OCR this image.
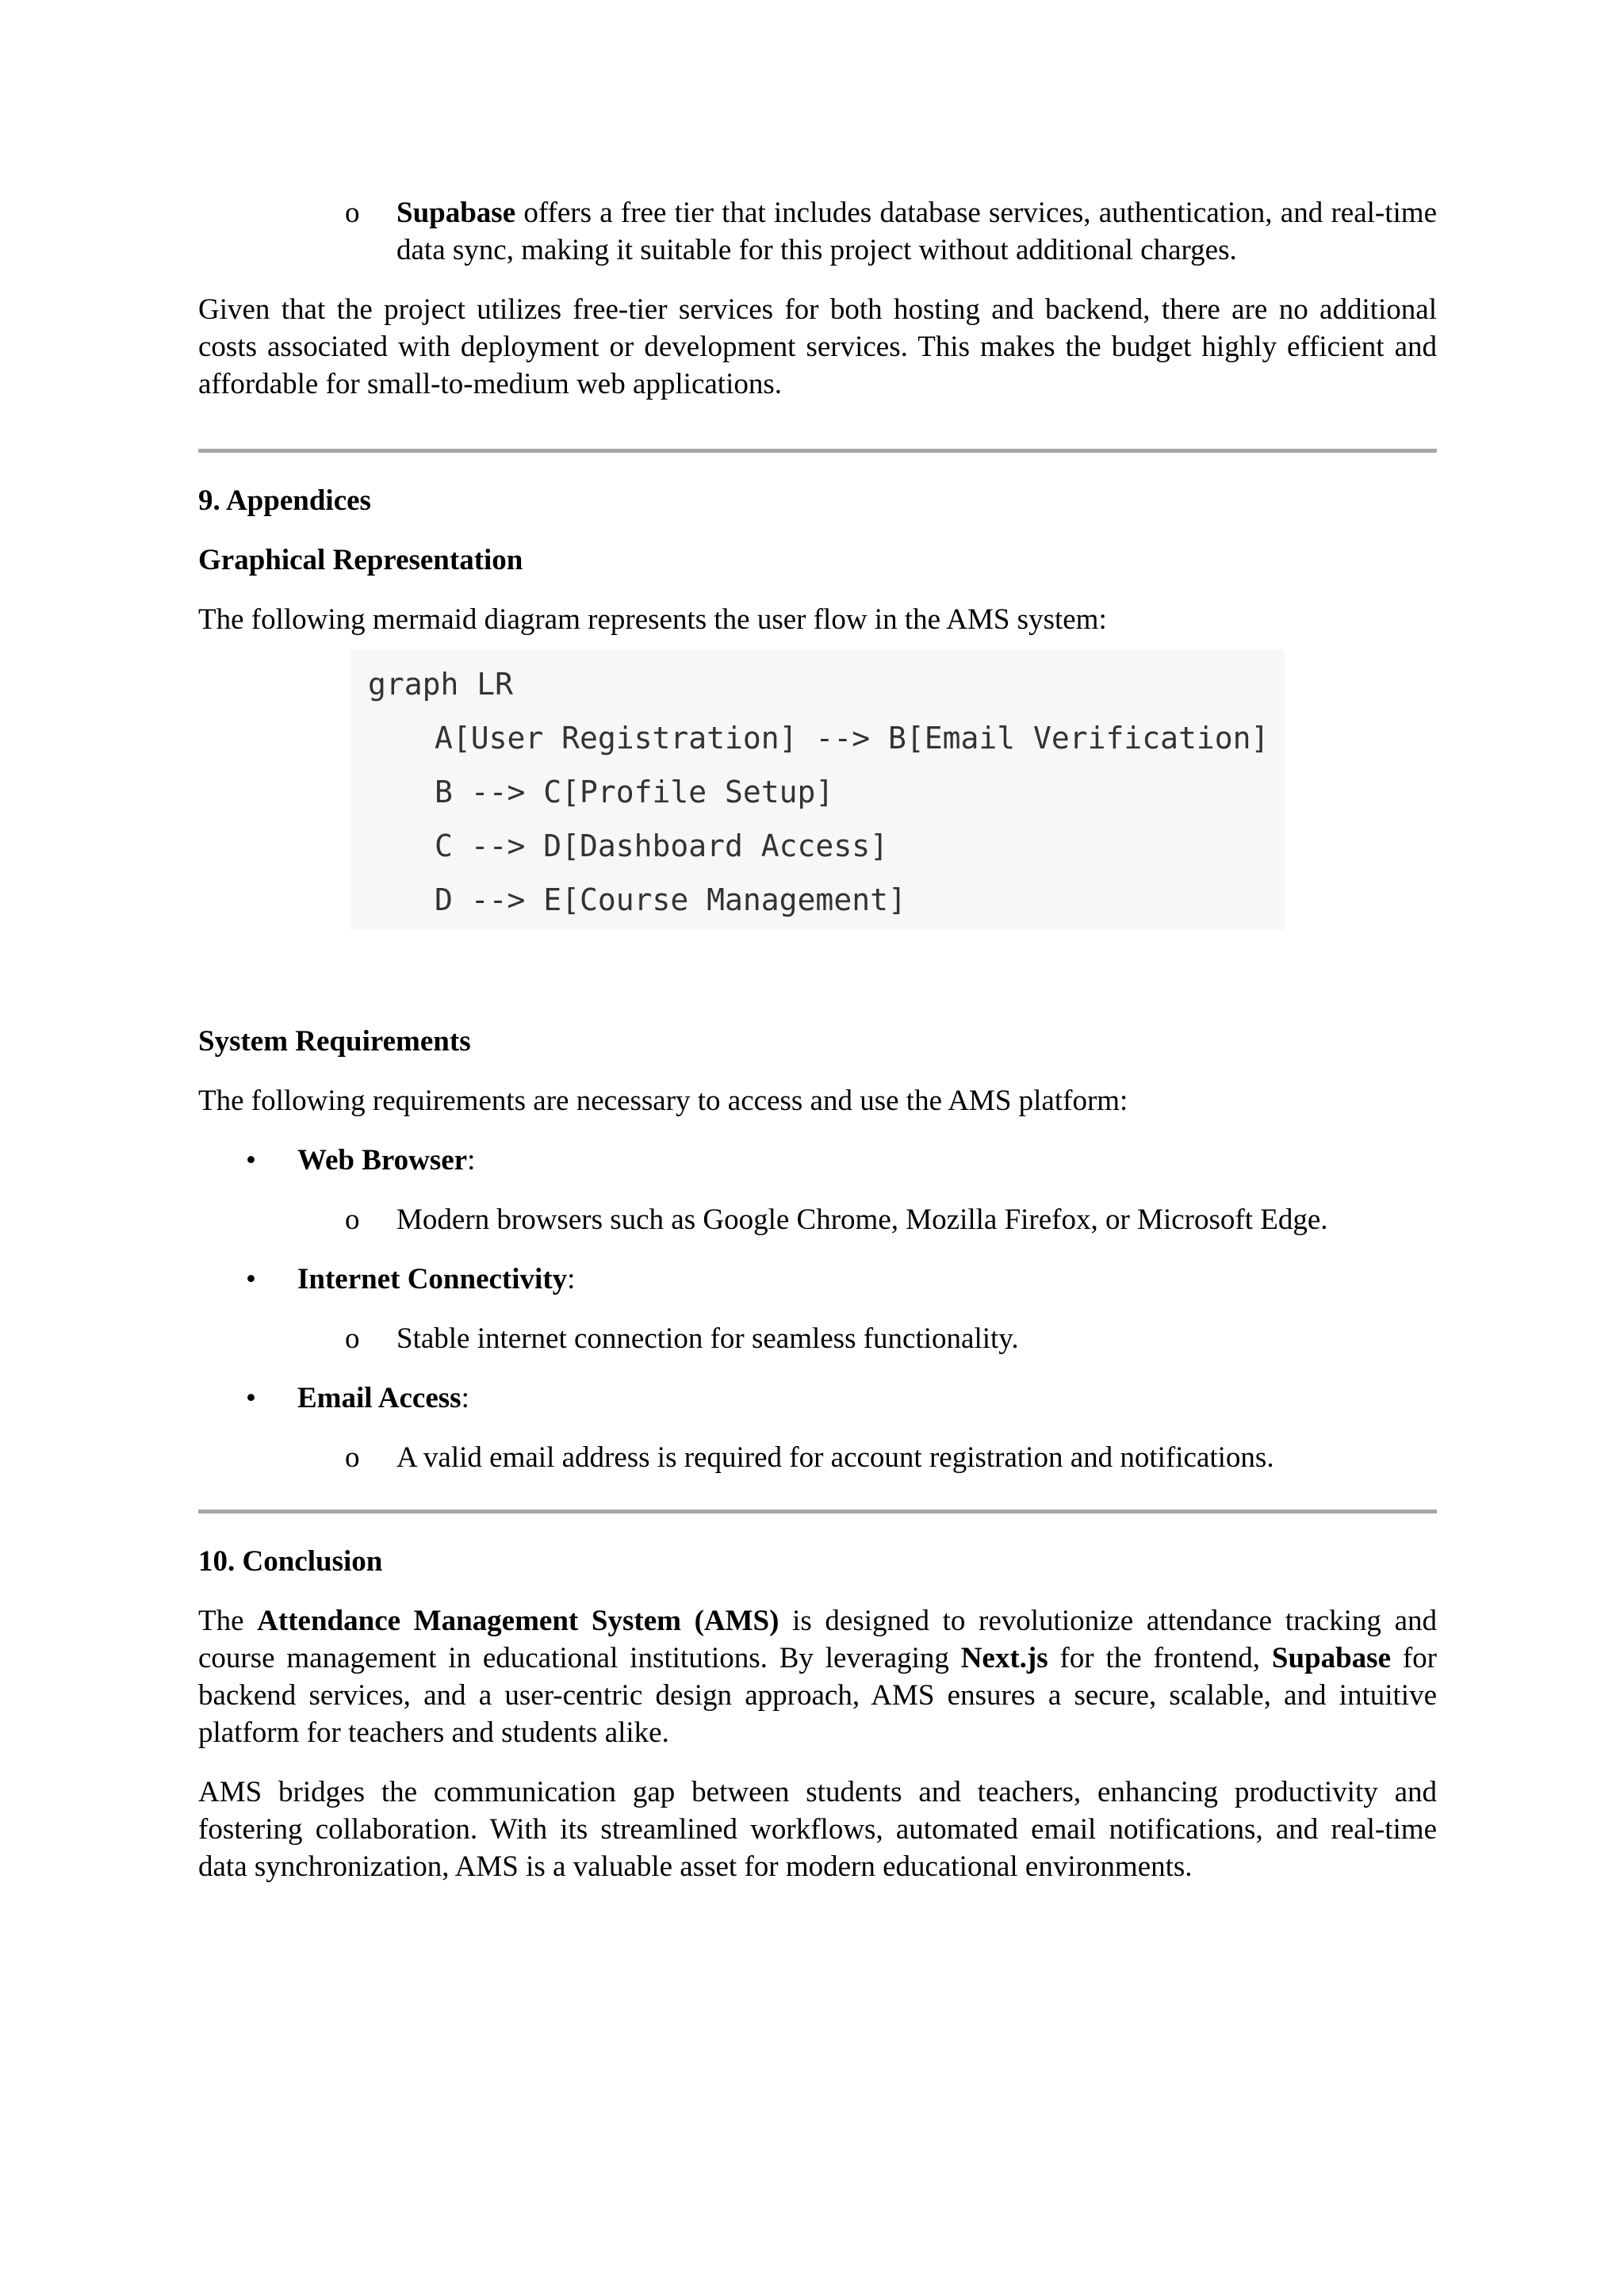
o Supabase offers a free tier that includes database services, authentication, and real-time data sync, making it suitable for this project without additional charges.

Given that the project utilizes free-tier services for both hosting and backend, there are no additional costs associated with deployment or development services. This makes the budget highly efficient and affordable for small-to-medium web applications.

9. Appendices

Graphical Representation

The following mermaid diagram represents the user flow in the AMS system:

graph LR
A[User Registration] --> B[Email Verification]
B --> C[Profile Setup]
C --> D[Dashboard Access]
D --> E[Course Management]

System Requirements

The following requirements are necessary to access and use the AMS platform:

• Web Browser:

o Modern browsers such as Google Chrome, Mozilla Firefox, or Microsoft Edge.

• Internet Connectivity:

o Stable internet connection for seamless functionality.

• Email Access:

o A valid email address is required for account registration and notifications.

10. Conclusion

The Attendance Management System (AMS) is designed to revolutionize attendance tracking and course management in educational institutions. By leveraging Next.js for the frontend, Supabase for backend services, and a user-centric design approach, AMS ensures a secure, scalable, and intuitive platform for teachers and students alike.

AMS bridges the communication gap between students and teachers, enhancing productivity and fostering collaboration. With its streamlined workflows, automated email notifications, and real-time data synchronization, AMS is a valuable asset for modern educational environments.
